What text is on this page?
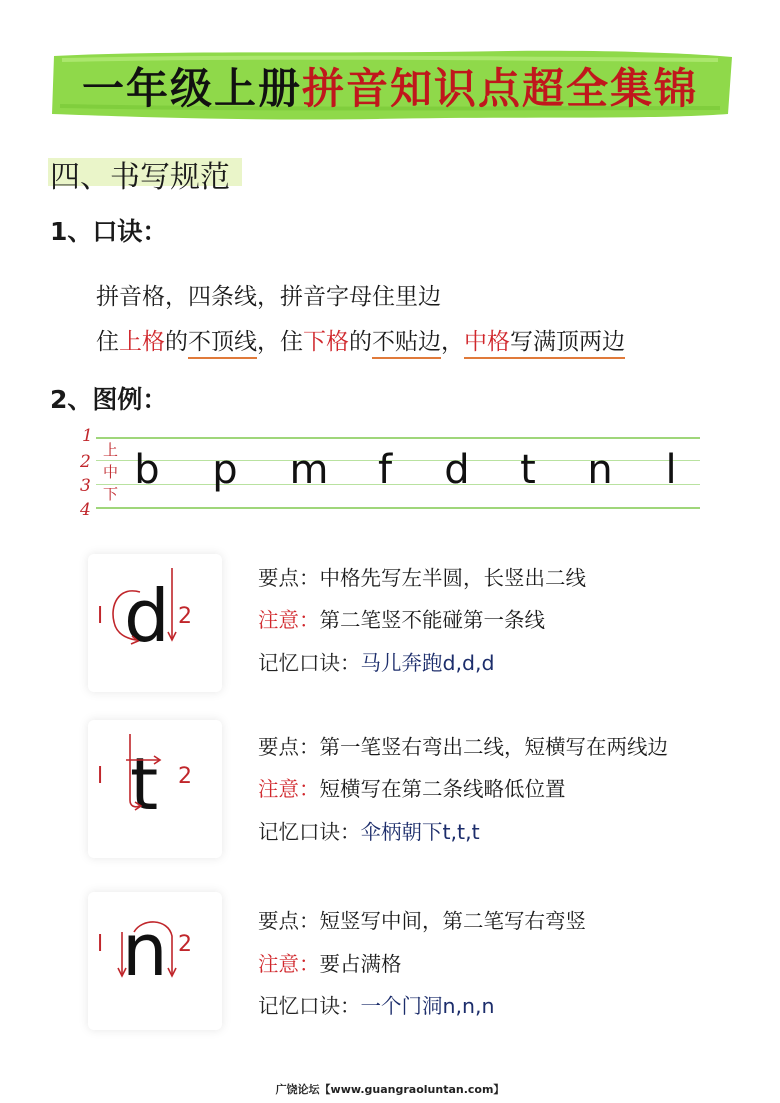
一年级上册拼音知识点超全集锦
四、书写规范
1、口诀：
拼音格，四条线，拼音字母住里边
住上格的不顶线，住下格的不贴边，中格写满顶两边
2、图例：
1
2
3
4
上
中
下
b	p	m	f	d	t	n	l
l d 2
要点：中格先写左半圆，长竖出二线
注意：第二笔竖不能碰第一条线
记忆口诀：马儿奔跑d,d,d
l t 2
要点：第一笔竖右弯出二线，短横写在两线边
注意：短横写在第二条线略低位置
记忆口诀：伞柄朝下t,t,t
l n 2
要点：短竖写中间，第二笔写右弯竖
注意：要占满格
记忆口诀：一个门洞n,n,n
广饶论坛【www.guangraoluntan.com】
